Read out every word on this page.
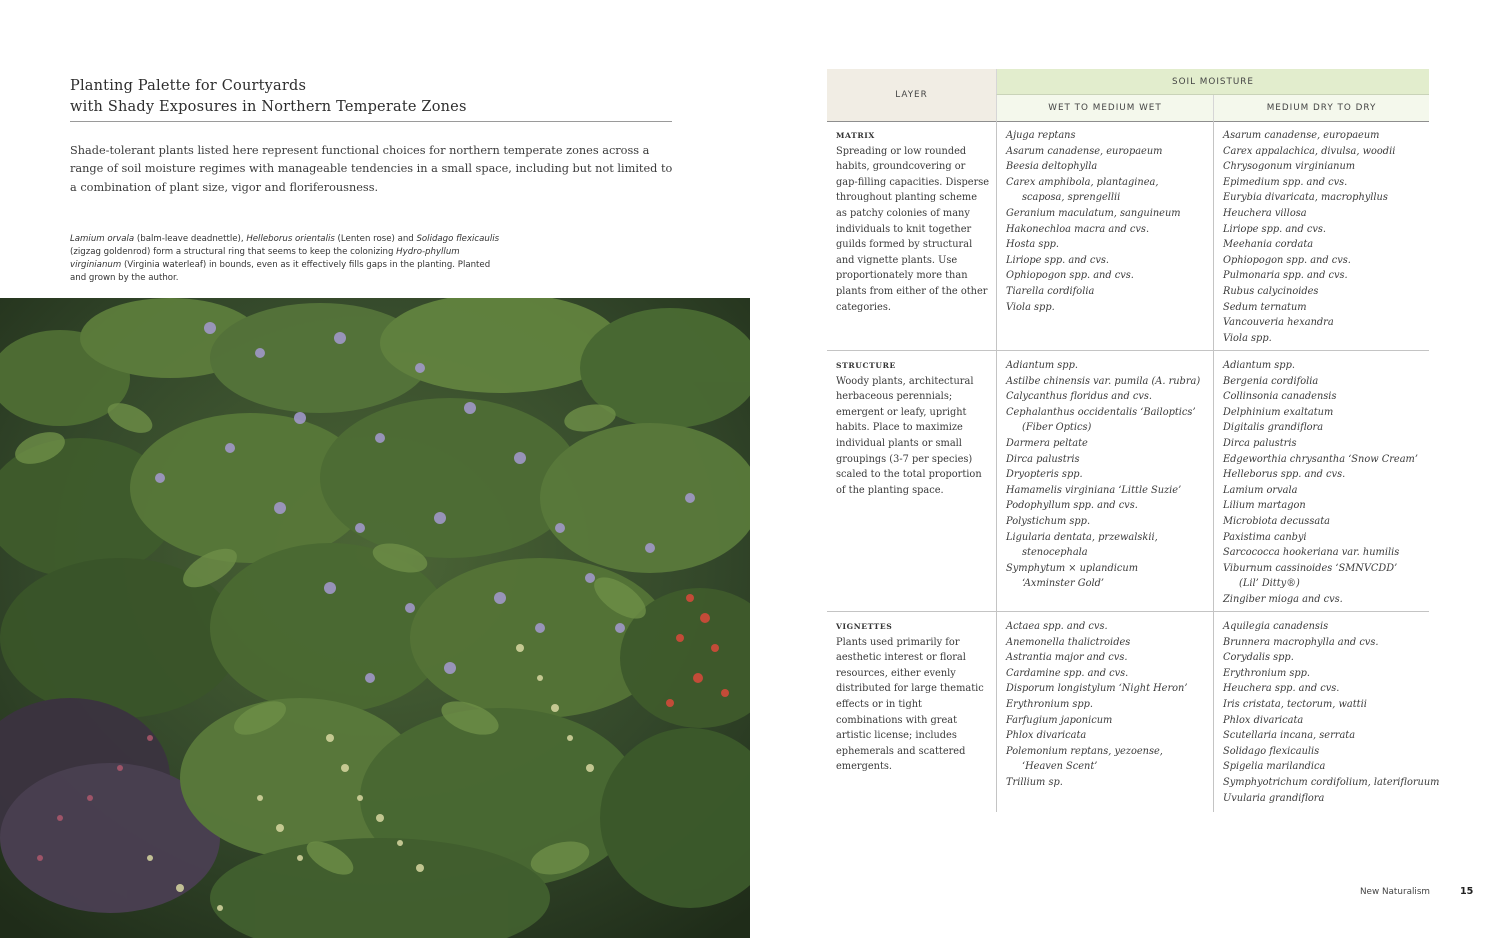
Planting Palette for Courtyards
with Shady Exposures in Northern Temperate Zones

Shade-tolerant plants listed here represent functional choices for northern temperate zones across a range of soil moisture regimes with manageable tendencies in a small space, including but not limited to a combination of plant size, vigor and floriferousness.

Lamium orvala (balm-leave deadnettle), Helleborus orientalis (Lenten rose) and Solidago flexicaulis (zigzag goldenrod) form a structural ring that seems to keep the colonizing Hydro-phyllum virginianum (Virginia waterleaf) in bounds, even as it effectively fills gaps in the planting. Planted and grown by the author.

LAYER
SOIL MOISTURE
WET TO MEDIUM WET	MEDIUM DRY TO DRY
MATRIX
Spreading or low rounded habits, groundcovering or gap-filling capacities. Disperse throughout planting scheme as patchy colonies of many individuals to knit together guilds formed by structural and vignette plants. Use proportionately more than plants from either of the other categories.
Ajuga reptans
Asarum canadense, europaeum
Beesia deltophylla
Carex amphibola, plantaginea,
scaposa, sprengellii
Geranium maculatum, sanguineum
Hakonechloa macra and cvs.
Hosta spp.
Liriope spp. and cvs.
Ophiopogon spp. and cvs.
Tiarella cordifolia
Viola spp.
Asarum canadense, europaeum
Carex appalachica, divulsa, woodii
Chrysogonum virginianum
Epimedium spp. and cvs.
Eurybia divaricata, macrophyllus
Heuchera villosa
Liriope spp. and cvs.
Meehania cordata
Ophiopogon spp. and cvs.
Pulmonaria spp. and cvs.
Rubus calycinoides
Sedum ternatum
Vancouveria hexandra
Viola spp.
STRUCTURE
Woody plants, architectural herbaceous perennials; emergent or leafy, upright habits. Place to maximize individual plants or small groupings (3-7 per species) scaled to the total proportion of the planting space.
Adiantum spp.
Astilbe chinensis var. pumila (A. rubra)
Calycanthus floridus and cvs.
Cephalanthus occidentalis ‘Bailoptics’
(Fiber Optics)
Darmera peltate
Dirca palustris
Dryopteris spp.
Hamamelis virginiana ‘Little Suzie’
Podophyllum spp. and cvs.
Polystichum spp.
Ligularia dentata, przewalskii,
stenocephala
Symphytum × uplandicum
‘Axminster Gold’
Adiantum spp.
Bergenia cordifolia
Collinsonia canadensis
Delphinium exaltatum
Digitalis grandiflora
Dirca palustris
Edgeworthia chrysantha ‘Snow Cream’
Helleborus spp. and cvs.
Lamium orvala
Lilium martagon
Microbiota decussata
Paxistima canbyi
Sarcococca hookeriana var. humilis
Viburnum cassinoides ‘SMNVCDD’
(Lil’ Ditty®)
Zingiber mioga and cvs.
VIGNETTES
Plants used primarily for aesthetic interest or floral resources, either evenly distributed for large thematic effects or in tight combinations with great artistic license; includes ephemerals and scattered emergents.
Actaea spp. and cvs.
Anemonella thalictroides
Astrantia major and cvs.
Cardamine spp. and cvs.
Disporum longistylum ‘Night Heron’
Erythronium spp.
Farfugium japonicum
Phlox divaricata
Polemonium reptans, yezoense,
‘Heaven Scent’
Trillium sp.
Aquilegia canadensis
Brunnera macrophylla and cvs.
Corydalis spp.
Erythronium spp.
Heuchera spp. and cvs.
Iris cristata, tectorum, wattii
Phlox divaricata
Scutellaria incana, serrata
Solidago flexicaulis
Spigelia marilandica
Symphyotrichum cordifolium, laterifloruum
Uvularia grandiflora
New Naturalism	15
